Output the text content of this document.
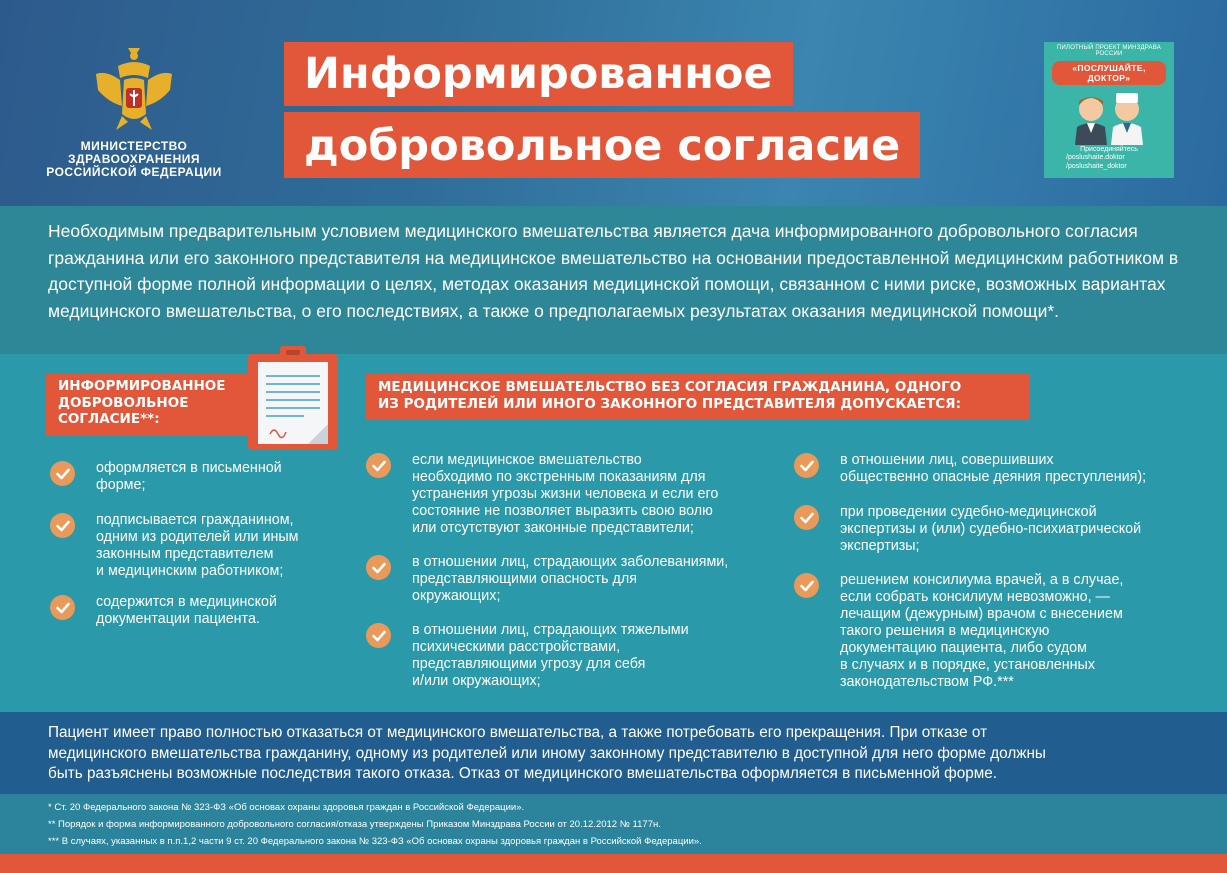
МИНИСТЕРСТВО
ЗДРАВООХРАНЕНИЯ
РОССИЙСКОЙ ФЕДЕРАЦИИ
Информированное
добровольное согласие
ПИЛОТНЫЙ ПРОЕКТ МИНЗДРАВА РОССИИ
«ПОСЛУШАЙТЕ, ДОКТОР»
Присоединяйтесь
/poslushaite.doktor
/poslushaite_doktor

Необходимым предварительным условием медицинского вмешательства является дача информированного добровольного согласия гражданина или его законного представителя на медицинское вмешательство на основании предоставленной медицинским работником в доступной форме полной информации о целях, методах оказания медицинской помощи, связанном с ними риске, возможных вариантах медицинского вмешательства, о его последствиях, а также о предполагаемых результатах оказания медицинской помощи*.

ИНФОРМИРОВАННОЕ
ДОБРОВОЛЬНОЕ
СОГЛАСИЕ**:
МЕДИЦИНСКОЕ ВМЕШАТЕЛЬСТВО БЕЗ СОГЛАСИЯ ГРАЖДАНИНА, ОДНОГО
ИЗ РОДИТЕЛЕЙ ИЛИ ИНОГО ЗАКОННОГО ПРЕДСТАВИТЕЛЯ ДОПУСКАЕТСЯ:
оформляется в письменной
форме;
подписывается гражданином,
одним из родителей или иным
законным представителем
и медицинским работником;
содержится в медицинской
документации пациента.
если медицинское вмешательство
необходимо по экстренным показаниям для
устранения угрозы жизни человека и если его
состояние не позволяет выразить свою волю
или отсутствуют законные представители;
в отношении лиц, страдающих заболеваниями,
представляющими опасность для
окружающих;
в отношении лиц, страдающих тяжелыми
психическими расстройствами,
представляющими угрозу для себя
и/или окружающих;
в отношении лиц, совершивших
общественно опасные деяния преступления);
при проведении судебно-медицинской
экспертизы и (или) судебно-психиатрической
экспертизы;
решением консилиума врачей, а в случае,
если собрать консилиум невозможно, —
лечащим (дежурным) врачом с внесением
такого решения в медицинскую
документацию пациента, либо судом
в случаях и в порядке, установленных
законодательством РФ.***

Пациент имеет право полностью отказаться от медицинского вмешательства, а также потребовать его прекращения. При отказе от
медицинского вмешательства гражданину, одному из родителей или иному законному представителю в доступной для него форме должны
быть разъяснены возможные последствия такого отказа. Отказ от медицинского вмешательства оформляется в письменной форме.

* Ст. 20 Федерального закона № 323-ФЗ «Об основах охраны здоровья граждан в Российской Федерации».
** Порядок и форма информированного добровольного согласия/отказа утверждены Приказом Минздрава России от 20.12.2012 № 1177н.
*** В случаях, указанных в п.п.1,2 части 9 ст. 20 Федерального закона № 323-ФЗ «Об основах охраны здоровья граждан в Российской Федерации».
